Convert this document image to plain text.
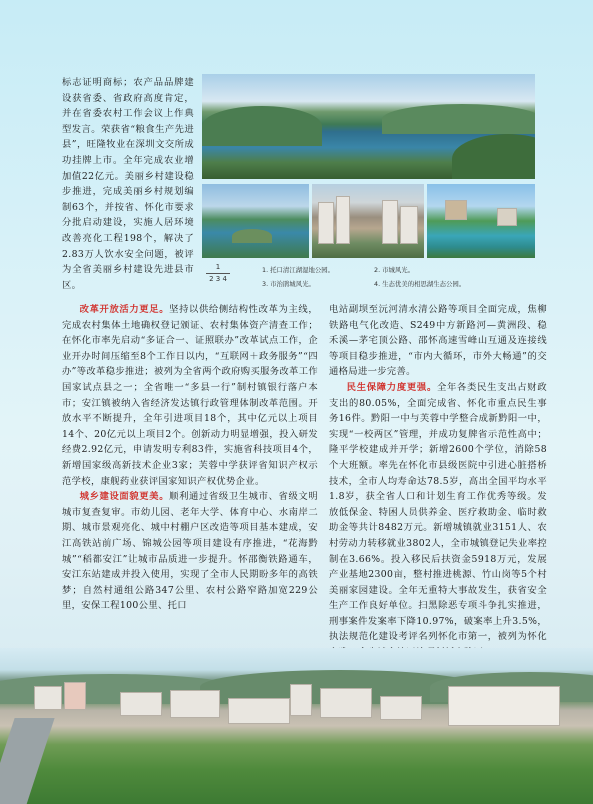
1
2 3 4
1. 托口清江湖湿地公园。	2. 市城风光。
3. 市治鹃城风光。	4. 生态优美的相思湖生态公园。

标志证明商标；农产品品牌建设获省委、省政府高度肯定，并在省委农村工作会议上作典型发言。荣获省“粮食生产先进县”，旺隆牧业在深圳文交所成功挂牌上市。全年完成农业增加值22亿元。美丽乡村建设稳步推进，完成美丽乡村规划编制63个，并按省、怀化市要求分批启动建设，实施人居环境改善亮化工程198个，解决了2.83万人饮水安全问题，被评为全省美丽乡村建设先进县市区。

改革开放活力更足。坚持以供给侧结构性改革为主线，完成农村集体土地确权登记颁证、农村集体资产清查工作；在怀化市率先启动“多证合一、证照联办”改革试点工作，企业开办时间压缩至8个工作日以内，“互联网＋政务服务”“四办”等改革稳步推进；被列为全省两个政府购买服务改革工作国家试点县之一；全省唯一“多县一行”制村镇银行落户本市；安江镇被纳入省经济发达镇行政管理体制改革范围。开放水平不断提升，全年引进项目18个，其中亿元以上项目14个、20亿元以上项目2个。创新动力明显增强，投入研发经费2.92亿元，申请发明专利83件，实施省科技项目4个，新增国家级高新技术企业3家；芙蓉中学获评省知识产权示范学校，康舰药业获评国家知识产权优势企业。

城乡建设面貌更美。顺利通过省级卫生城市、省级文明城市复查复审。市幼儿园、老年大学、体育中心、水南岸二期、城市景观亮化、城中村棚户区改造等项目基本建成，安江高铁站前广场、锦城公园等项目建设有序推进，“花海黔城”“稻都安江”让城市品质进一步提升。怀邵衡铁路通车，安江东站建成并投入使用，实现了全市人民期盼多年的高铁梦；自然村通组公路347公里、农村公路窄路加宽229公里，安保工程100公里、托口

电站副坝至沅河清水清公路等项目全面完成，焦柳铁路电气化改造、S249中方新路河—黄洲段、稳禾溪—茅宅顶公路、邵怀高速雪峰山互通及连接线等项目稳步推进，“市内大循环，市外大畅通”的交通格局进一步完善。

民生保障力度更强。全年各类民生支出占财政支出的80.05%，全面完成省、怀化市重点民生事务16件。黔阳一中与芙蓉中学整合成新黔阳一中，实现“一校两区”管理，并成功复牌省示范性高中；隆平学校建成并开学；新增2600个学位，消除58个大班额。率先在怀化市县级医院中引进心脏搭桥技术，全市人均寿命达78.5岁，高出全国平均水平1.8岁，获全省人口和计划生育工作优秀等级。发放低保金、特困人员供养金、医疗救助金、临时救助金等共计8482万元。新增城镇就业3151人、农村劳动力转移就业3802人，全市城镇登记失业率控制在3.66%。投入移民后扶资金5918万元，发展产业基地2300亩，整村推进桃源、竹山岗等5个村美丽家园建设。全年无重特大事故发生，获省安全生产工作良好单位。扫黑除恶专项斗争扎实推进，刑事案件发案率下降10.97%，破案率上升3.5%，执法规范化建设考评名列怀化市第一，被列为怀化
